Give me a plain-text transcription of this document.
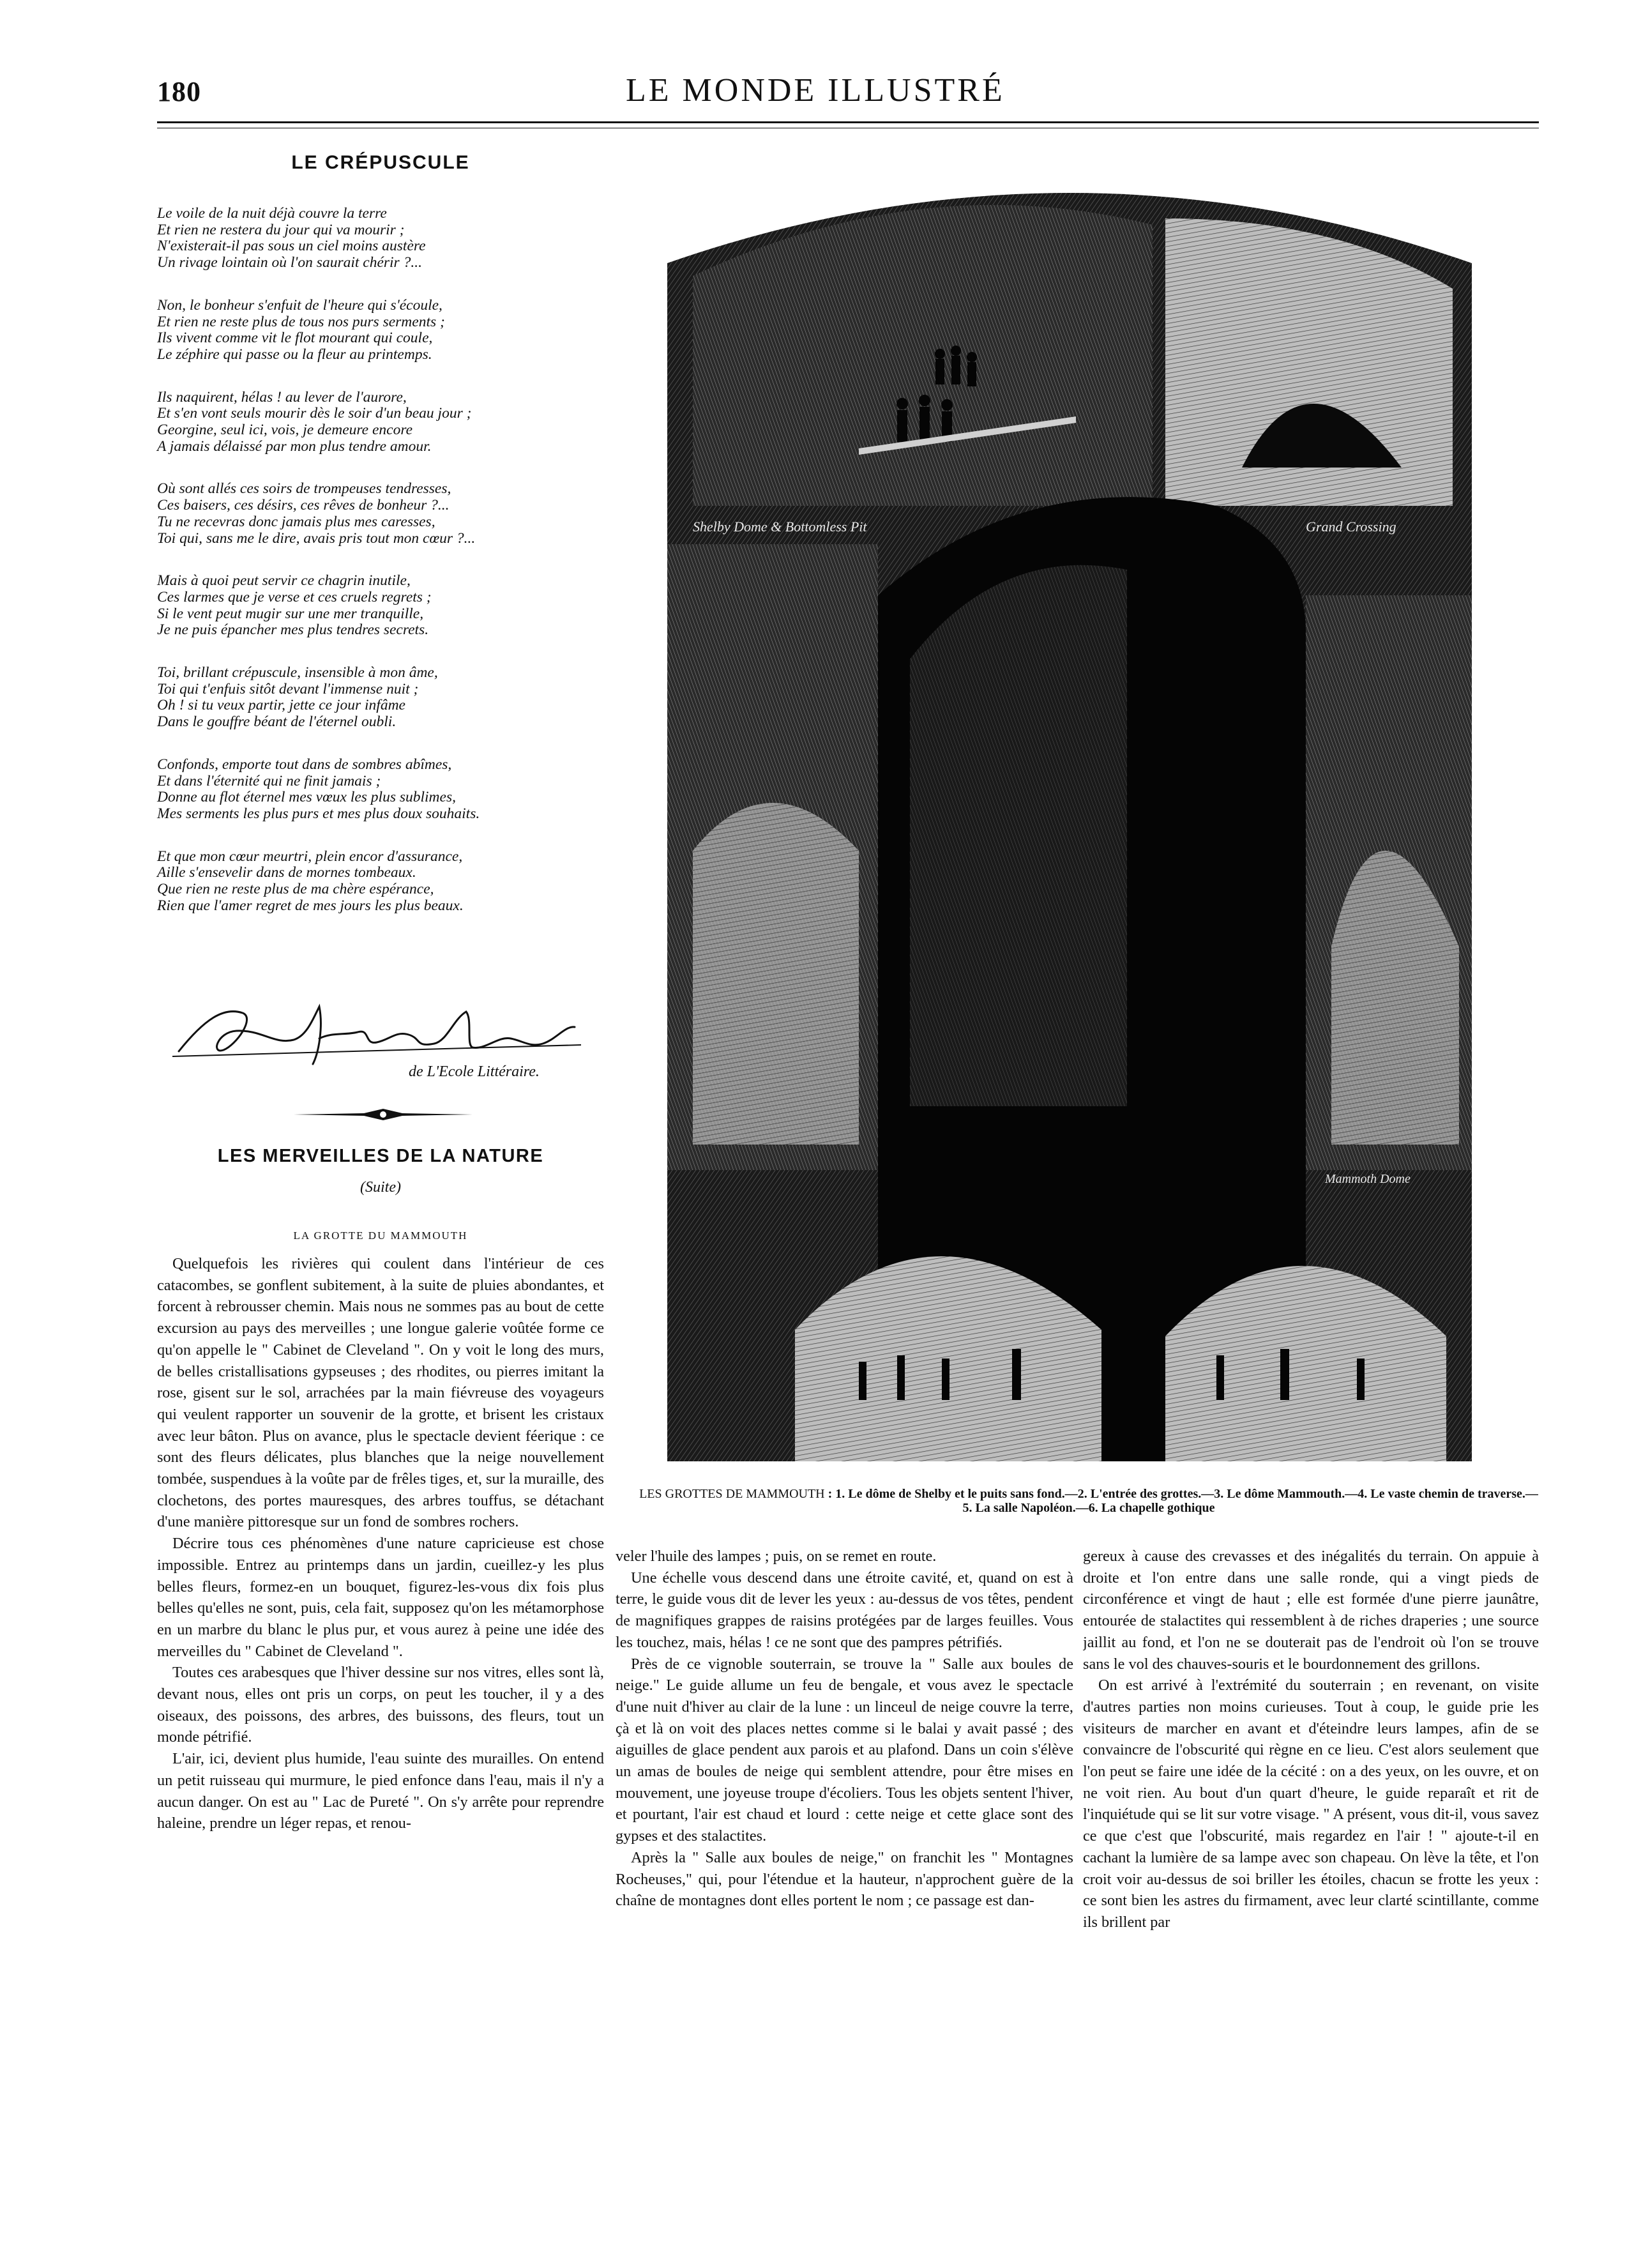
180	LE MONDE ILLUSTRÉ
LE CRÉPUSCULE
Le voile de la nuit déjà couvre la terre
Et rien ne restera du jour qui va mourir ;
N'existerait-il pas sous un ciel moins austère
Un rivage lointain où l'on saurait chérir ?...
Non, le bonheur s'enfuit de l'heure qui s'écoule,
Et rien ne reste plus de tous nos purs serments ;
Ils vivent comme vit le flot mourant qui coule,
Le zéphire qui passe ou la fleur au printemps.
Ils naquirent, hélas ! au lever de l'aurore,
Et s'en vont seuls mourir dès le soir d'un beau jour ;
Georgine, seul ici, vois, je demeure encore
A jamais délaissé par mon plus tendre amour.
Où sont allés ces soirs de trompeuses tendresses,
Ces baisers, ces désirs, ces rêves de bonheur ?...
Tu ne recevras donc jamais plus mes caresses,
Toi qui, sans me le dire, avais pris tout mon cœur ?...
Mais à quoi peut servir ce chagrin inutile,
Ces larmes que je verse et ces cruels regrets ;
Si le vent peut mugir sur une mer tranquille,
Je ne puis épancher mes plus tendres secrets.
Toi, brillant crépuscule, insensible à mon âme,
Toi qui t'enfuis sitôt devant l'immense nuit ;
Oh ! si tu veux partir, jette ce jour infâme
Dans le gouffre béant de l'éternel oubli.
Confonds, emporte tout dans de sombres abîmes,
Et dans l'éternité qui ne finit jamais ;
Donne au flot éternel mes vœux les plus sublimes,
Mes serments les plus purs et mes plus doux souhaits.
Et que mon cœur meurtri, plein encor d'assurance,
Aille s'ensevelir dans de mornes tombeaux.
Que rien ne reste plus de ma chère espérance,
Rien que l'amer regret de mes jours les plus beaux.
de L'Ecole Littéraire.
LES MERVEILLES DE LA NATURE
(Suite)
LA GROTTE DU MAMMOUTH

Quelquefois les rivières qui coulent dans l'intérieur de ces catacombes, se gonflent subitement, à la suite de pluies abondantes, et forcent à rebrousser chemin. Mais nous ne sommes pas au bout de cette excursion au pays des merveilles ; une longue galerie voûtée forme ce qu'on appelle le " Cabinet de Cleveland ". On y voit le long des murs, de belles cristallisations gypseuses ; des rhodites, ou pierres imitant la rose, gisent sur le sol, arrachées par la main fiévreuse des voyageurs qui veulent rapporter un souvenir de la grotte, et brisent les cristaux avec leur bâton. Plus on avance, plus le spectacle devient féerique : ce sont des fleurs délicates, plus blanches que la neige nouvellement tombée, suspendues à la voûte par de frêles tiges, et, sur la muraille, des clochetons, des portes mauresques, des arbres touffus, se détachant d'une manière pittoresque sur un fond de sombres rochers.

Décrire tous ces phénomènes d'une nature capricieuse est chose impossible. Entrez au printemps dans un jardin, cueillez-y les plus belles fleurs, formez-en un bouquet, figurez-les-vous dix fois plus belles qu'elles ne sont, puis, cela fait, supposez qu'on les métamorphose en un marbre du blanc le plus pur, et vous aurez à peine une idée des merveilles du " Cabinet de Cleveland ".

Toutes ces arabesques que l'hiver dessine sur nos vitres, elles sont là, devant nous, elles ont pris un corps, on peut les toucher, il y a des oiseaux, des poissons, des arbres, des buissons, des fleurs, tout un monde pétrifié.

L'air, ici, devient plus humide, l'eau suinte des murailles. On entend un petit ruisseau qui murmure, le pied enfonce dans l'eau, mais il n'y a aucun danger. On est au " Lac de Pureté ". On s'y arrête pour reprendre haleine, prendre un léger repas, et renou-

Shelby Dome & Bottomless Pit	Grand Crossing
Mammoth Dome
LES GROTTES DE MAMMOUTH : 1. Le dôme de Shelby et le puits sans fond.—2. L'entrée des grottes.—3. Le dôme Mammouth.—4. Le vaste chemin de traverse.—5. La salle Napoléon.—6. La chapelle gothique

veler l'huile des lampes ; puis, on se remet en route.

Une échelle vous descend dans une étroite cavité, et, quand on est à terre, le guide vous dit de lever les yeux : au-dessus de vos têtes, pendent de magnifiques grappes de raisins protégées par de larges feuilles. Vous les touchez, mais, hélas ! ce ne sont que des pampres pétrifiés.

Près de ce vignoble souterrain, se trouve la " Salle aux boules de neige." Le guide allume un feu de bengale, et vous avez le spectacle d'une nuit d'hiver au clair de la lune : un linceul de neige couvre la terre, çà et là on voit des places nettes comme si le balai y avait passé ; des aiguilles de glace pendent aux parois et au plafond. Dans un coin s'élève un amas de boules de neige qui semblent attendre, pour être mises en mouvement, une joyeuse troupe d'écoliers. Tous les objets sentent l'hiver, et pourtant, l'air est chaud et lourd : cette neige et cette glace sont des gypses et des stalactites.

Après la " Salle aux boules de neige," on franchit les " Montagnes Rocheuses," qui, pour l'étendue et la hauteur, n'approchent guère de la chaîne de montagnes dont elles portent le nom ; ce passage est dan-

gereux à cause des crevasses et des inégalités du terrain. On appuie à droite et l'on entre dans une salle ronde, qui a vingt pieds de circonférence et vingt de haut ; elle est formée d'une pierre jaunâtre, entourée de stalactites qui ressemblent à de riches draperies ; une source jaillit au fond, et l'on ne se douterait pas de l'endroit où l'on se trouve sans le vol des chauves-souris et le bourdonnement des grillons.

On est arrivé à l'extrémité du souterrain ; en revenant, on visite d'autres parties non moins curieuses. Tout à coup, le guide prie les visiteurs de marcher en avant et d'éteindre leurs lampes, afin de se convaincre de l'obscurité qui règne en ce lieu. C'est alors seulement que l'on peut se faire une idée de la cécité : on a des yeux, on les ouvre, et on ne voit rien. Au bout d'un quart d'heure, le guide reparaît et rit de l'inquiétude qui se lit sur votre visage. " A présent, vous dit-il, vous savez ce que c'est que l'obscurité, mais regardez en l'air ! " ajoute-t-il en cachant la lumière de sa lampe avec son chapeau. On lève la tête, et l'on croit voir au-dessus de soi briller les étoiles, chacun se frotte les yeux : ce sont bien les astres du firmament, avec leur clarté scintillante, comme ils brillent par
